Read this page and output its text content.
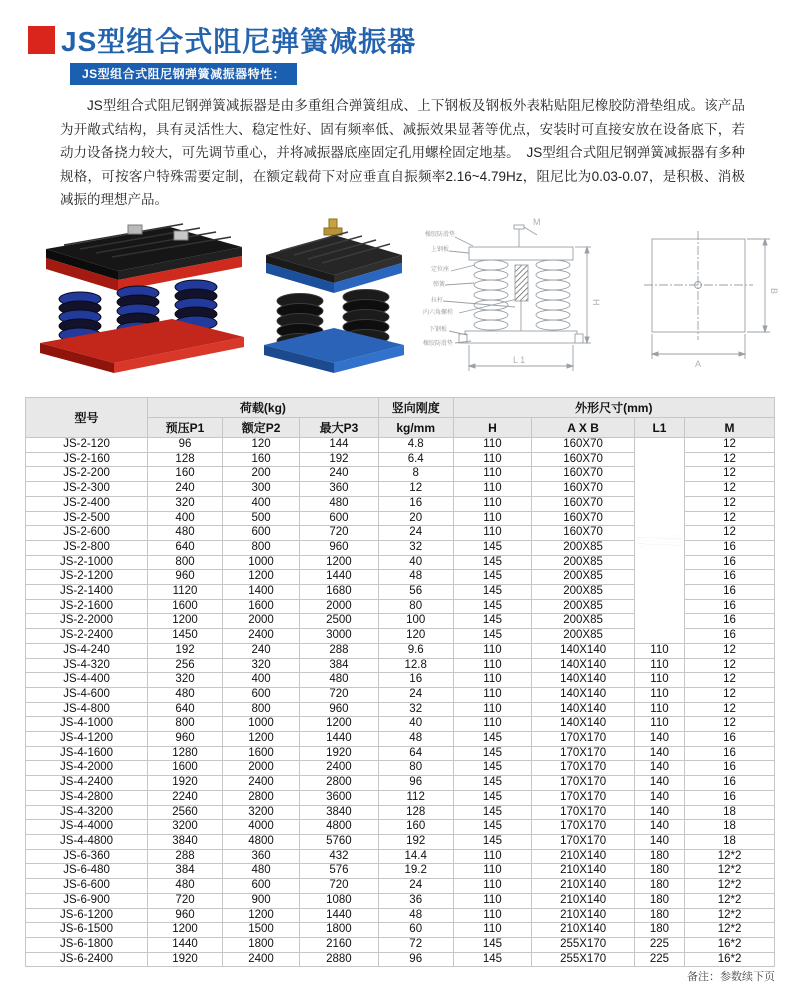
JS型组合式阻尼弹簧减振器
JS型组合式阻尼钢弹簧减振器特性：

JS型组合式阻尼钢弹簧减振器是由多重组合弹簧组成、上下钢板及钢板外表粘贴阻尼橡胶防滑垫组成。该产品为开敞式结构，具有灵活性大、稳定性好、固有频率低、减振效果显著等优点，安装时可直接安放在设备底下，若动力设备挠力较大，可先调节重心，并将减振器底座固定孔用螺栓固定地基。　JS型组合式阻尼钢弹簧减振器有多种规格，可按客户特殊需要定制，在额定载荷下对应垂直自振频率2.16~4.79Hz，阻尼比为0.03-0.07，是积极、消极减振的理想产品。

M
H
L 1
橡胶防滑垫
上钢板
定位座
弹簧
拉杆
内六角螺栓
下钢板
橡胶防滑垫
A
B
型号	荷载(kg)			竖向刚度	外形尺寸(mm)			
	预压P1	额定P2	最大P3	kg/mm	H	A X B	L1	M
JS-2-120	96	120	144	4.8	110	160X70		12
JS-2-160	128	160	192	6.4	110	160X70		12
JS-2-200	160	200	240	8	110	160X70		12
JS-2-300	240	300	360	12	110	160X70		12
JS-2-400	320	400	480	16	110	160X70		12
JS-2-500	400	500	600	20	110	160X70		12
JS-2-600	480	600	720	24	110	160X70		12
JS-2-800	640	800	960	32	145	200X85		16
JS-2-1000	800	1000	1200	40	145	200X85		16
JS-2-1200	960	1200	1440	48	145	200X85		16
JS-2-1400	1120	1400	1680	56	145	200X85		16
JS-2-1600	1600	1600	2000	80	145	200X85		16
JS-2-2000	1200	2000	2500	100	145	200X85		16
JS-2-2400	1450	2400	3000	120	145	200X85		16
JS-4-240	192	240	288	9.6	110	140X140	110	12
JS-4-320	256	320	384	12.8	110	140X140	110	12
JS-4-400	320	400	480	16	110	140X140	110	12
JS-4-600	480	600	720	24	110	140X140	110	12
JS-4-800	640	800	960	32	110	140X140	110	12
JS-4-1000	800	1000	1200	40	110	140X140	110	12
JS-4-1200	960	1200	1440	48	145	170X170	140	16
JS-4-1600	1280	1600	1920	64	145	170X170	140	16
JS-4-2000	1600	2000	2400	80	145	170X170	140	16
JS-4-2400	1920	2400	2800	96	145	170X170	140	16
JS-4-2800	2240	2800	3600	112	145	170X170	140	16
JS-4-3200	2560	3200	3840	128	145	170X170	140	18
JS-4-4000	3200	4000	4800	160	145	170X170	140	18
JS-4-4800	3840	4800	5760	192	145	170X170	140	18
JS-6-360	288	360	432	14.4	110	210X140	180	12*2
JS-6-480	384	480	576	19.2	110	210X140	180	12*2
JS-6-600	480	600	720	24	110	210X140	180	12*2
JS-6-900	720	900	1080	36	110	210X140	180	12*2
JS-6-1200	960	1200	1440	48	110	210X140	180	12*2
JS-6-1500	1200	1500	1800	60	110	210X140	180	12*2
JS-6-1800	1440	1800	2160	72	145	255X170	225	16*2
JS-6-2400	1920	2400	2880	96	145	255X170	225	16*2
备注：参数续下页
